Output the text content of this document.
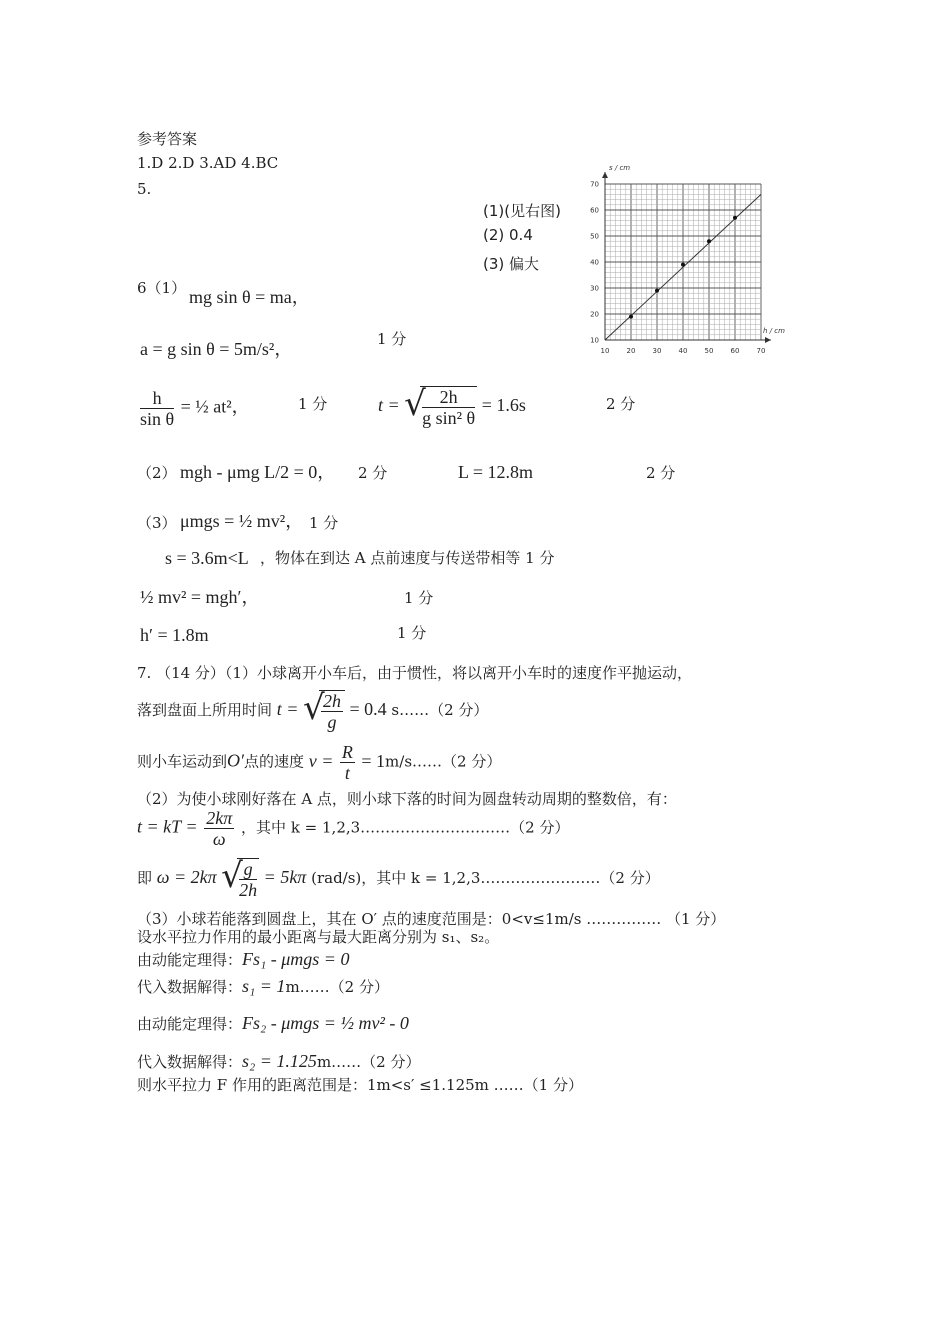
参考答案
1.D 2.D 3.AD 4.BC
5.
(1)(见右图)
(2) 0.4
(3) 偏大
10 20 30 40 50 60 70
10
20
30
40
50
60
70
h / cm
s / cm
6（1） mg sin θ = ma，
a = g sin θ = 5m/s²，	1 分
$\frac{h}{\text{sin θ}}$ = ½ at²，	1 分	t = √
$\frac{2h}{\text{g sin² θ}} = 1.6s$	2 分
（2） mgh - μmg L/2 = 0， 2 分	L = 12.8m	2 分
（3） μmgs = ½ mv²， 1 分
s = 3.6m<L ，物体在到达 A 点前速度与传送带相等 1 分
½ mv² = mgh′，	1 分
h′ = 1.8m	1 分
7. （14 分）（1）小球离开小车后，由于惯性，将以离开小车时的速度作平抛运动，
落到盘面上所用时间 t = √
$\frac{2h}{g} = 0.4$ s……（2 分）
则小车运动到O′点的速度 $v = \frac{R}{t}$ = 1m/s……（2 分）
（2）为使小球刚好落在 A 点，则小球下落的时间为圆盘转动周期的整数倍，有：
t = kT = $\frac{2k\pi}{\omega}$ ，其中 k = 1,2,3…………………………（2 分）
即 ω = 2kπ √
$\frac{g}{2h} = 5k\pi$ (rad/s)，其中 k = 1,2,3……………………（2 分）
（3）小球若能落到圆盘上，其在 O′ 点的速度范围是：0<v≤1m/s …………… （1 分）
设水平拉力作用的最小距离与最大距离分别为 s₁、s₂。
由动能定理得：Fs₁ - μmgs = 0
代入数据解得：s₁ = 1m……（2 分）
由动能定理得：Fs₂ - μmgs = ½ mv² - 0
代入数据解得：s₂ = 1.125m……（2 分）
则水平拉力 F 作用的距离范围是：1m<s′ ≤1.125m ……（1 分）
